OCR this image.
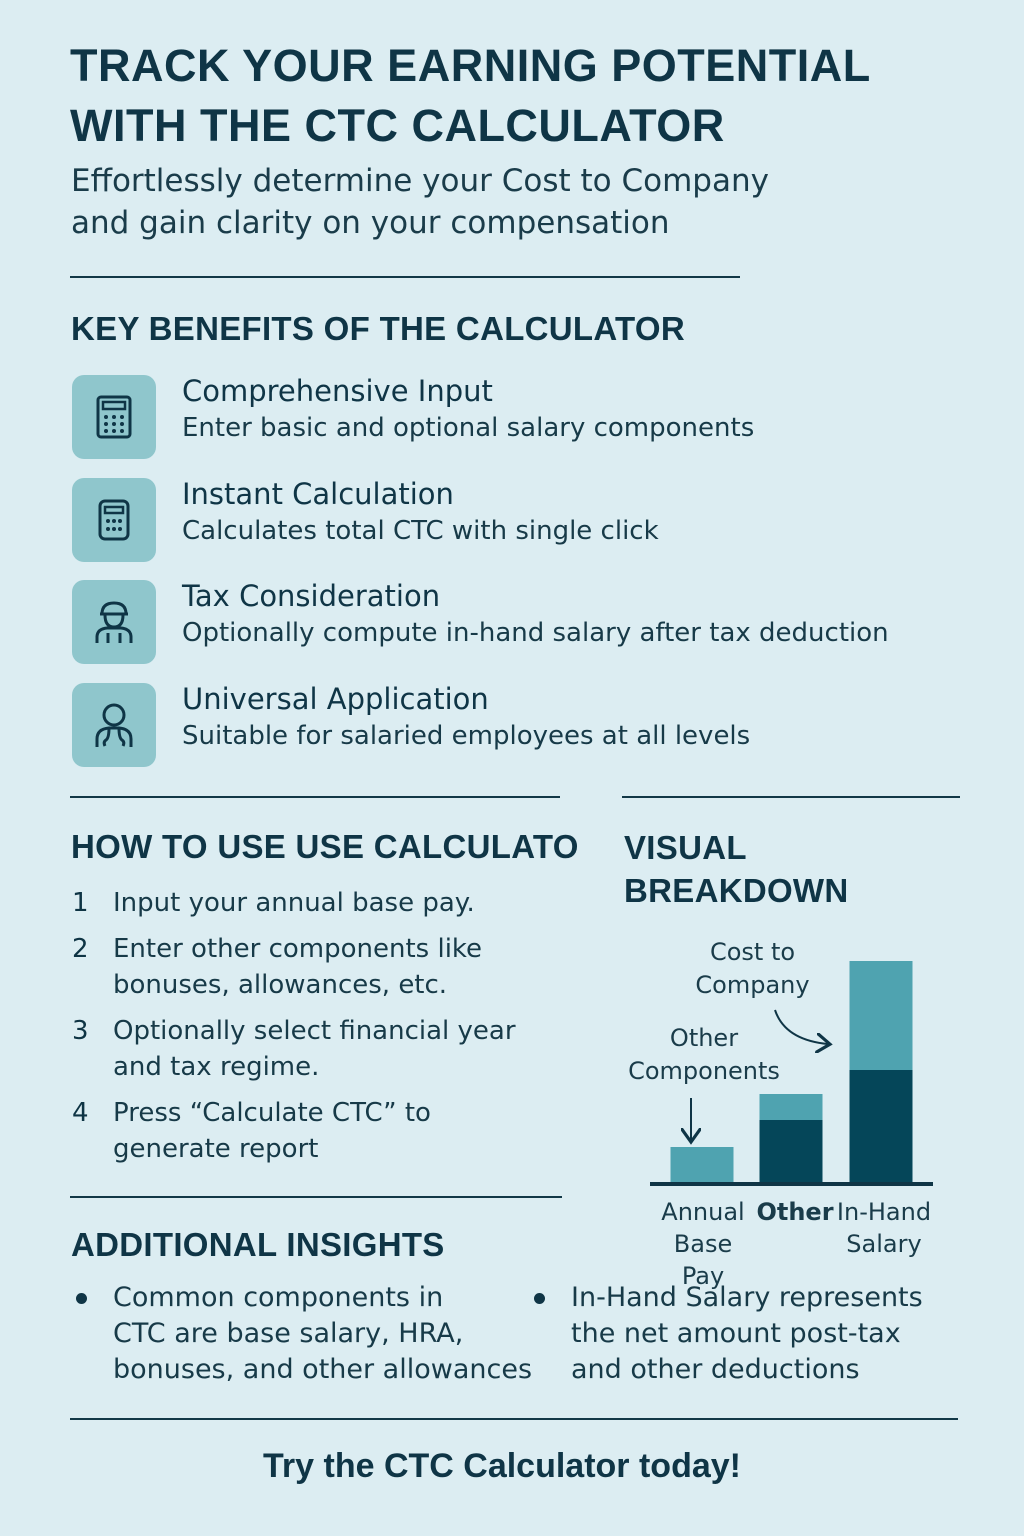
TRACK YOUR EARNING POTENTIAL
WITH THE CTC CALCULATOR
Effortlessly determine your Cost to Company
and gain clarity on your compensation
KEY BENEFITS OF THE CALCULATOR
Comprehensive Input
Enter basic and optional salary components
Instant Calculation
Calculates total CTC with single click
Tax Consideration
Optionally compute in-hand salary after tax deduction
Universal Application
Suitable for salaried employees at all levels
HOW TO USE USE CALCULATO
1 Input your annual base pay.
2 Enter other components like
bonuses, allowances, etc.
3 Optionally select financial year
and tax regime.
4 Press “Calculate CTC” to
generate report
VISUAL
BREAKDOWN
Cost to
Company
Other
Components
Annual
Base Pay
Other In-Hand
Salary
ADDITIONAL INSIGHTS
Common components in
CTC are base salary, HRA,
bonuses, and other allowances
In-Hand Salary represents
the net amount post-tax
and other deductions
Try the CTC Calculator today!
